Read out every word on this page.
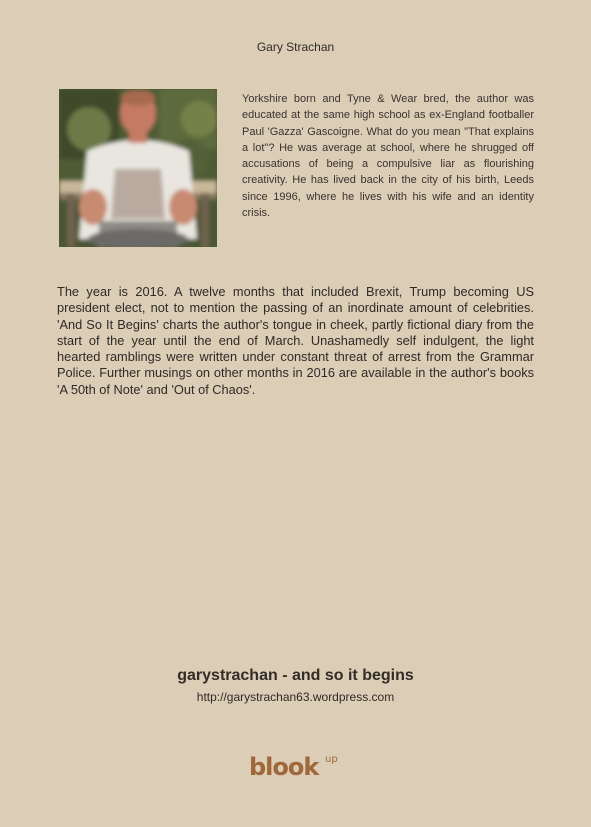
Gary Strachan

Yorkshire born and Tyne & Wear bred, the author was educated at the same high school as ex-England footballer Paul 'Gazza' Gascoigne. What do you mean "That explains a lot"? He was average at school, where he shrugged off accusations of being a compulsive liar as flourishing creativity. He has lived back in the city of his birth, Leeds since 1996, where he lives with his wife and an identity crisis.

The year is 2016. A twelve months that included Brexit, Trump becoming US president elect, not to mention the passing of an inordinate amount of celebrities. 'And So It Begins' charts the author's tongue in cheek, partly fictional diary from the start of the year until the end of March. Unashamedly self indulgent, the light hearted ramblings were written under constant threat of arrest from the Grammar Police. Further musings on other months in 2016 are available in the author's books 'A 50th of Note' and 'Out of Chaos'.

garystrachan - and so it begins
http://garystrachan63.wordpress.com
blook up
